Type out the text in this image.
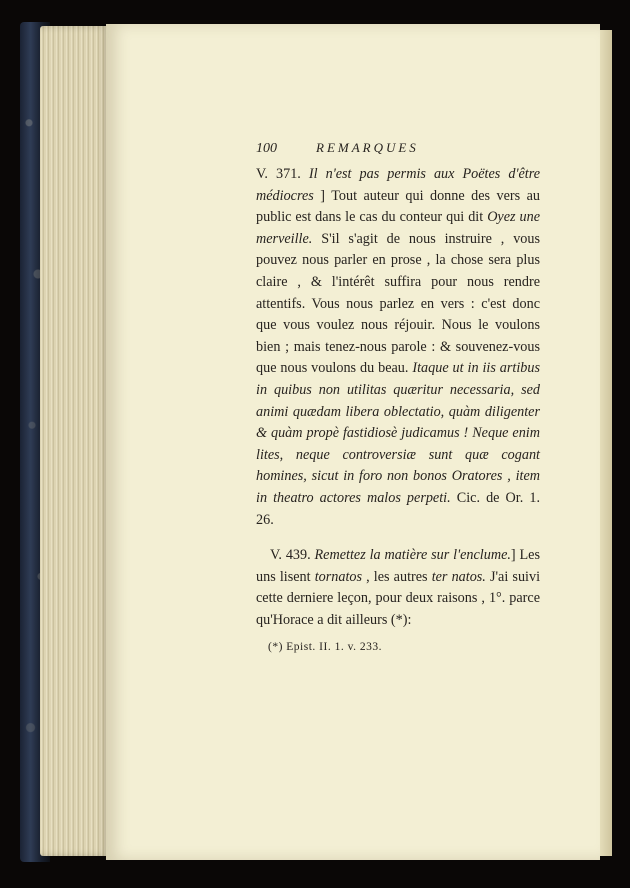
100	REMARQUES

V. 371. Il n'est pas permis aux Poëtes d'être médiocres ] Tout auteur qui donne des vers au public est dans le cas du conteur qui dit Oyez une merveille. S'il s'agit de nous instruire , vous pouvez nous parler en prose , la chose sera plus claire , & l'intérêt suffira pour nous rendre attentifs. Vous nous parlez en vers : c'est donc que vous voulez nous réjouir. Nous le voulons bien ; mais tenez-nous parole : & souvenez-vous que nous voulons du beau. Itaque ut in iis artibus in quibus non utilitas quæritur necessaria, sed animi quædam libera oblectatio, quàm diligenter & quàm propè fastidiosè judicamus ! Neque enim lites, neque controversiæ sunt quæ cogant homines, sicut in foro non bonos Oratores , item in theatro actores malos perpeti. Cic. de Or. 1. 26.

V. 439. Remettez la matière sur l'enclume.] Les uns lisent tornatos , les autres ter natos. J'ai suivi cette derniere leçon, pour deux raisons , 1°. parce qu'Horace a dit ailleurs (*):

(*) Epist. II. 1. v. 233.
